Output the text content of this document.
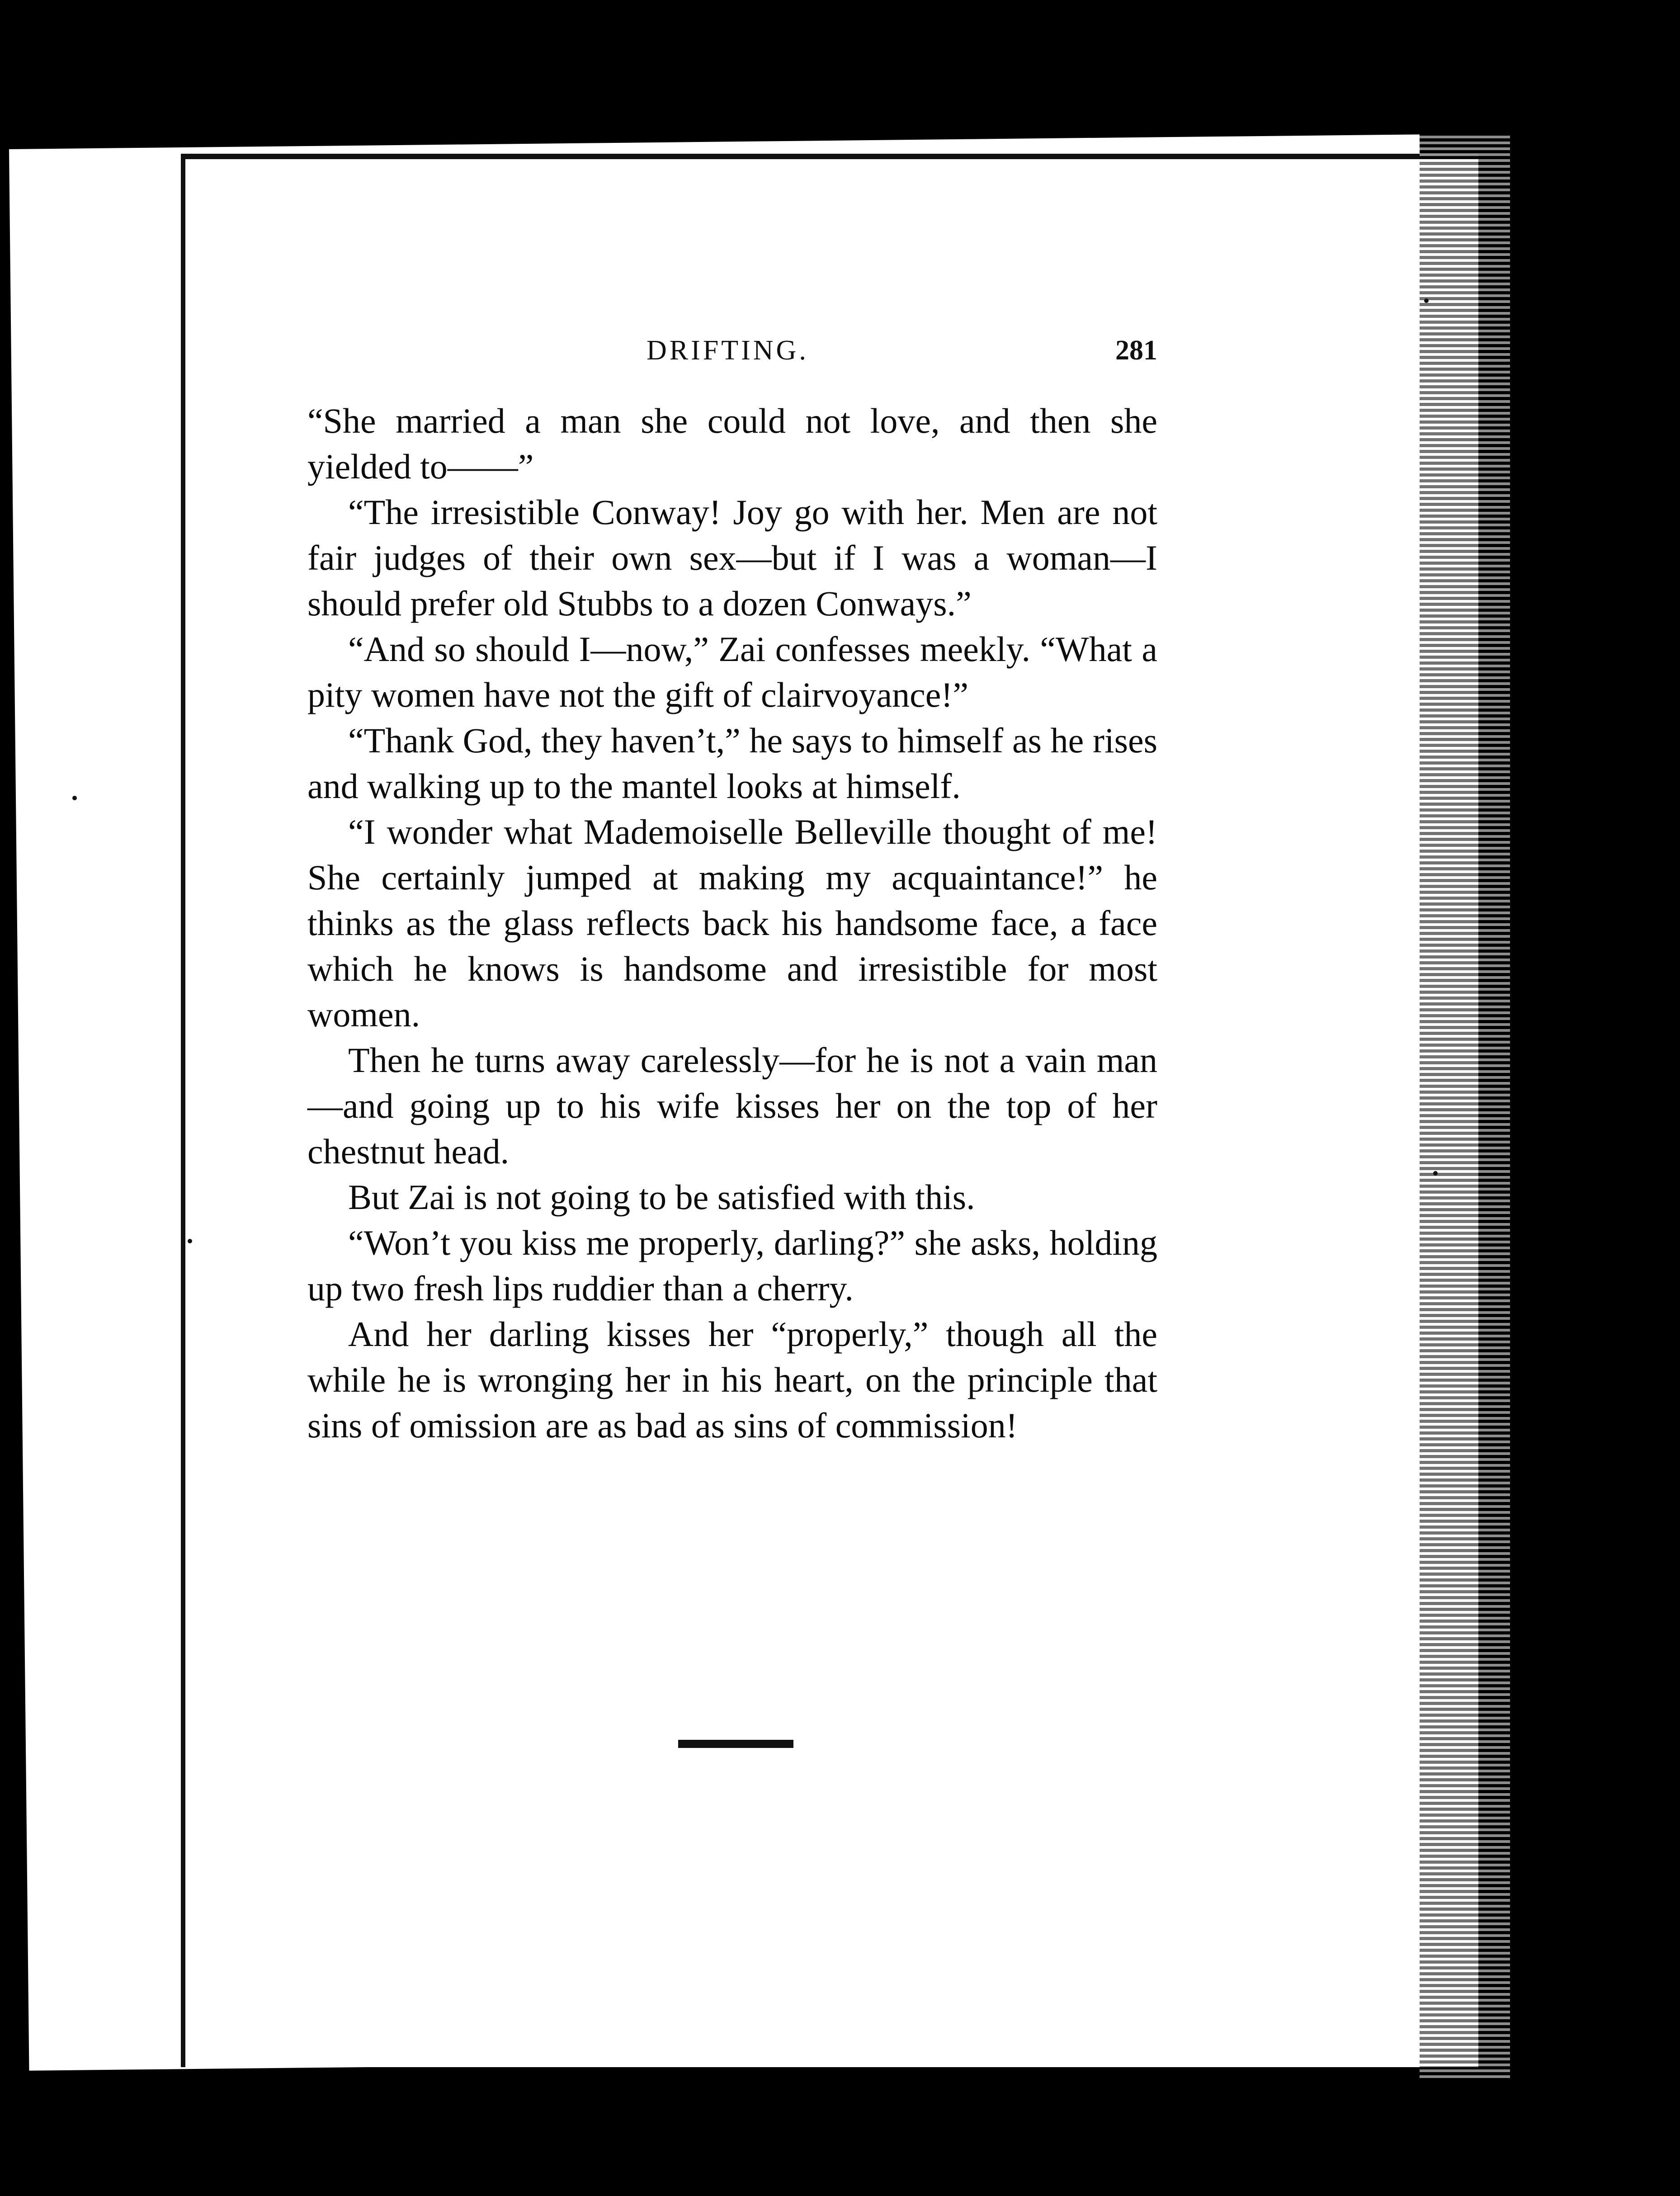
DRIFTING.	281

“She married a man she could not love, and then she yielded to——”

“The irresistible Conway! Joy go with her. Men are not fair judges of their own sex—but if I was a woman—I should prefer old Stubbs to a dozen Conways.”

“And so should I—now,” Zai confesses meekly. “What a pity women have not the gift of clairvoyance!”

“Thank God, they haven’t,” he says to himself as he rises and walking up to the mantel looks at himself.

“I wonder what Mademoiselle Belleville thought of me! She certainly jumped at making my acquaintance!” he thinks as the glass reflects back his handsome face, a face which he knows is handsome and irresistible for most women.

Then he turns away carelessly—for he is not a vain man—and going up to his wife kisses her on the top of her chestnut head.

But Zai is not going to be satisfied with this.

“Won’t you kiss me properly, darling?” she asks, holding up two fresh lips ruddier than a cherry.

And her darling kisses her “properly,” though all the while he is wronging her in his heart, on the principle that sins of omission are as bad as sins of commission!
